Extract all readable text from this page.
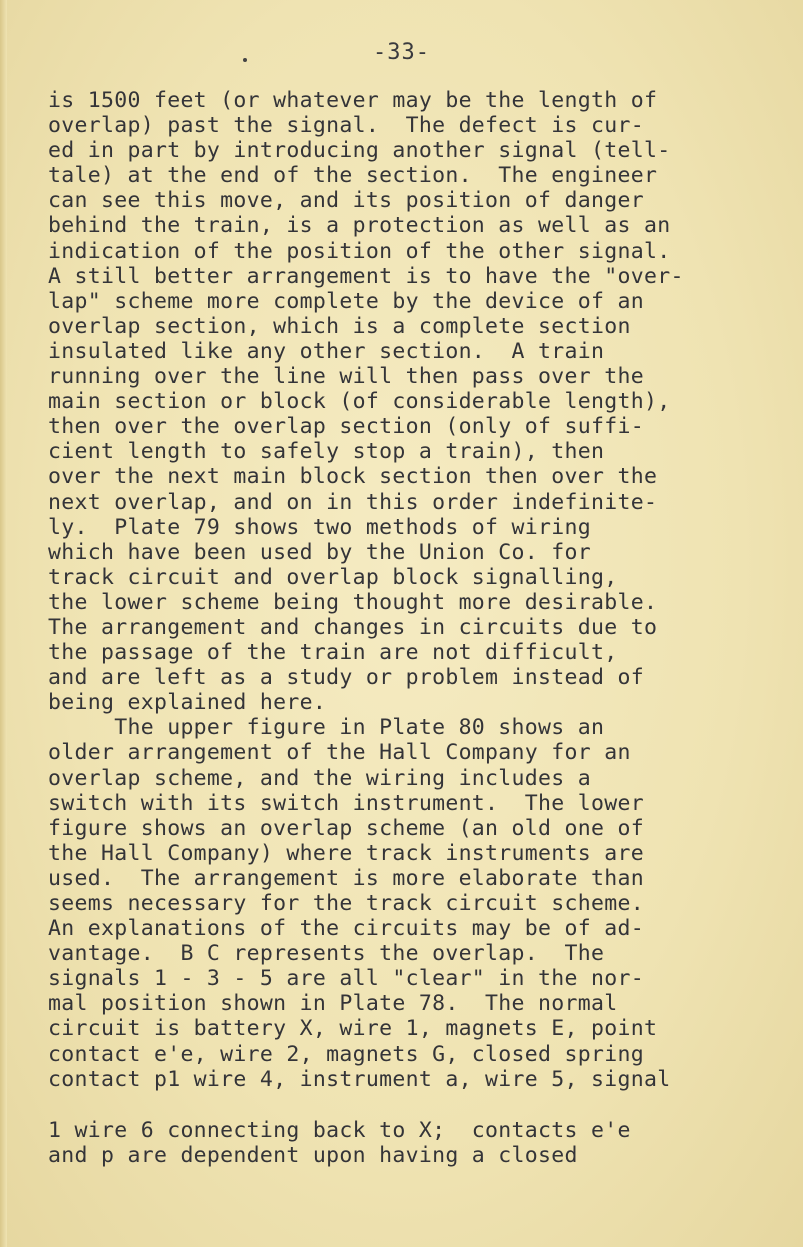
-33-
is 1500 feet (or whatever may be the length of
overlap) past the signal.  The defect is cur-
ed in part by introducing another signal (tell-
tale) at the end of the section.  The engineer
can see this move, and its position of danger
behind the train, is a protection as well as an
indication of the position of the other signal.
A still better arrangement is to have the "over-
lap" scheme more complete by the device of an
overlap section, which is a complete section
insulated like any other section.  A train
running over the line will then pass over the
main section or block (of considerable length),
then over the overlap section (only of suffi-
cient length to safely stop a train), then
over the next main block section then over the
next overlap, and on in this order indefinite-
ly.  Plate 79 shows two methods of wiring
which have been used by the Union Co. for
track circuit and overlap block signalling,
the lower scheme being thought more desirable.
The arrangement and changes in circuits due to
the passage of the train are not difficult,
and are left as a study or problem instead of
being explained here.
The upper figure in Plate 80 shows an
older arrangement of the Hall Company for an
overlap scheme, and the wiring includes a
switch with its switch instrument.  The lower
figure shows an overlap scheme (an old one of
the Hall Company) where track instruments are
used.  The arrangement is more elaborate than
seems necessary for the track circuit scheme.
An explanations of the circuits may be of ad-
vantage.  B C represents the overlap.  The
signals 1 - 3 - 5 are all "clear" in the nor-
mal position shown in Plate 78.  The normal
circuit is battery X, wire 1, magnets E, point
contact e'e, wire 2, magnets G, closed spring
contact p1 wire 4, instrument a, wire 5, signal
1 wire 6 connecting back to X;  contacts e'e
and p are dependent upon having a closed
